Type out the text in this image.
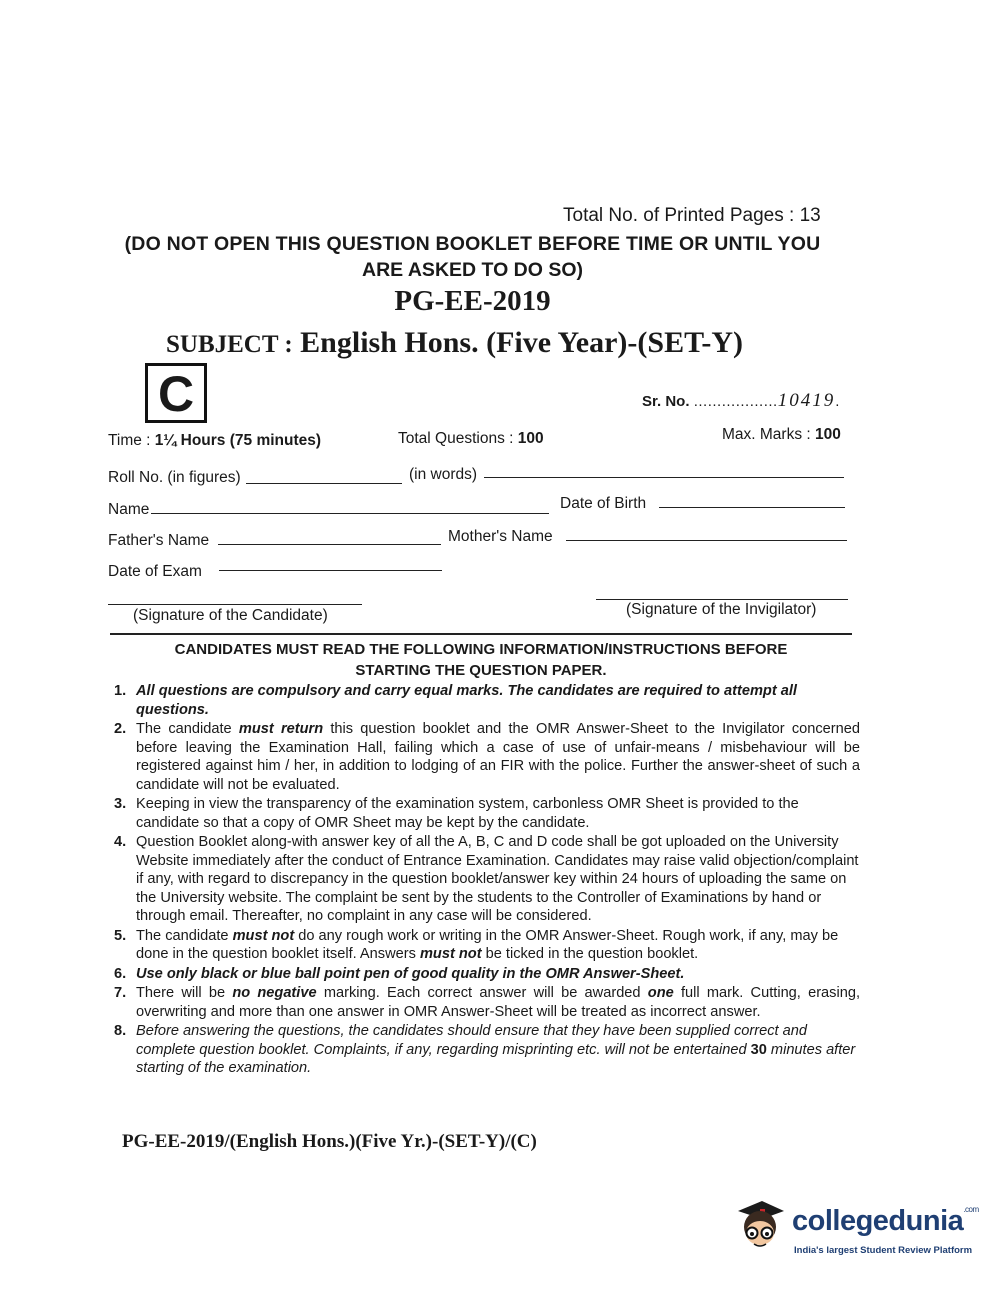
Total No. of Printed Pages : 13
(DO NOT OPEN THIS QUESTION BOOKLET BEFORE TIME OR UNTIL YOU
ARE ASKED TO DO SO)
PG-EE-2019
SUBJECT : English Hons. (Five Year)-(SET-Y)
C	Sr. No. ..................10419.
Time : 1¼ Hours (75 minutes)	Total Questions : 100	Max. Marks : 100
Roll No. (in figures)	(in words)
Name	Date of Birth
Father's Name	Mother's Name
Date of Exam
(Signature of the Candidate)	(Signature of the Invigilator)
CANDIDATES MUST READ THE FOLLOWING INFORMATION/INSTRUCTIONS BEFORE
STARTING THE QUESTION PAPER.
1. All questions are compulsory and carry equal marks. The candidates are required to attempt all questions.
2. The candidate must return this question booklet and the OMR Answer-Sheet to the Invigilator concerned before leaving the Examination Hall, failing which a case of use of unfair-means / misbehaviour will be registered against him / her, in addition to lodging of an FIR with the police. Further the answer-sheet of such a candidate will not be evaluated.
3. Keeping in view the transparency of the examination system, carbonless OMR Sheet is provided to the candidate so that a copy of OMR Sheet may be kept by the candidate.
4. Question Booklet along-with answer key of all the A, B, C and D code shall be got uploaded on the University Website immediately after the conduct of Entrance Examination. Candidates may raise valid objection/complaint if any, with regard to discrepancy in the question booklet/answer key within 24 hours of uploading the same on the University website. The complaint be sent by the students to the Controller of Examinations by hand or through email. Thereafter, no complaint in any case will be considered.
5. The candidate must not do any rough work or writing in the OMR Answer-Sheet. Rough work, if any, may be done in the question booklet itself. Answers must not be ticked in the question booklet.
6. Use only black or blue ball point pen of good quality in the OMR Answer-Sheet.
7. There will be no negative marking. Each correct answer will be awarded one full mark. Cutting, erasing, overwriting and more than one answer in OMR Answer-Sheet will be treated as incorrect answer.
8. Before answering the questions, the candidates should ensure that they have been supplied correct and complete question booklet. Complaints, if any, regarding misprinting etc. will not be entertained 30 minutes after starting of the examination.
PG-EE-2019/(English Hons.)(Five Yr.)-(SET-Y)/(C)
collegedunia$^{.com}$
India's largest Student Review Platform
